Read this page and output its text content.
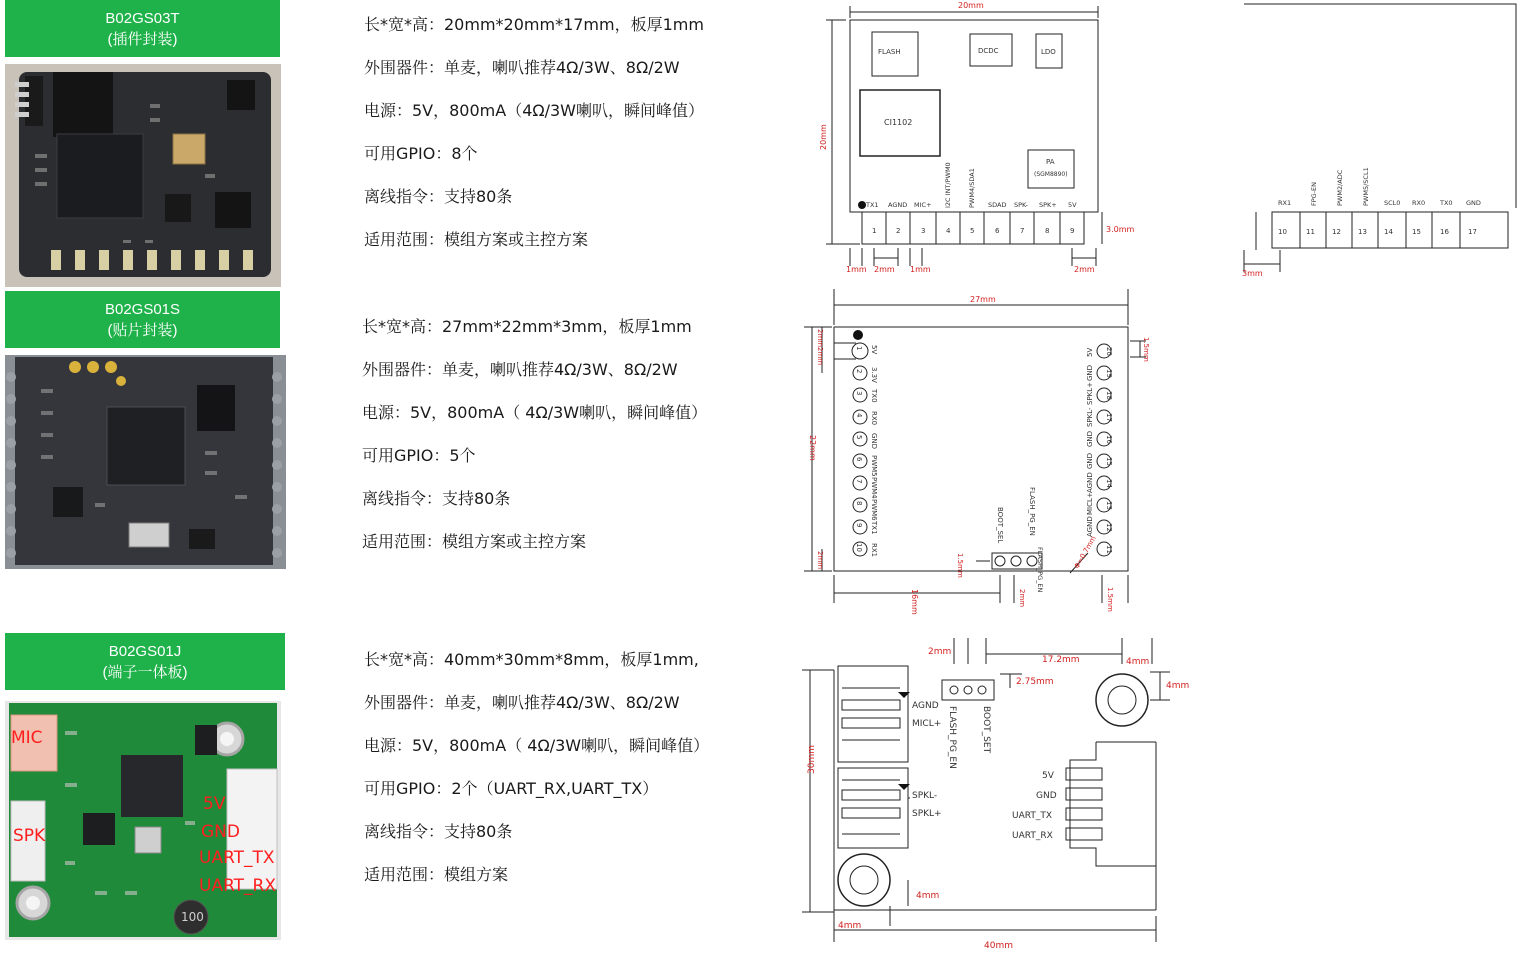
B02GS03T
(插件封装)
B02GS01S
(贴片封装)
B02GS01J
(端子一体板)
100
MIC
SPK
5V
GND
UART_TX
UART_RX

长*宽*高：20mm*20mm*17mm，板厚1mm

外围器件：单麦，喇叭推荐4Ω/3W、8Ω/2W

电源：5V，800mA（4Ω/3W喇叭，瞬间峰值）

可用GPIO：8个

离线指令：支持80条

适用范围：模组方案或主控方案

长*宽*高：27mm*22mm*3mm，板厚1mm

外围器件：单麦，喇叭推荐4Ω/3W、8Ω/2W

电源：5V，800mA（ 4Ω/3W喇叭，瞬间峰值）

可用GPIO：5个

离线指令：支持80条

适用范围：模组方案或主控方案

长*宽*高：40mm*30mm*8mm，板厚1mm,

外围器件：单麦，喇叭推荐4Ω/3W、8Ω/2W

电源：5V，800mA（ 4Ω/3W喇叭，瞬间峰值）

可用GPIO：2个（UART_RX,UART_TX）

离线指令：支持80条

适用范围：模组方案

FLASH	DCDC	LDO
CI1102
PA
(SGM8890)
TX1 AGND MIC+ I2C INT/PWM0 PWM4/SDA1 SDAD SPK- SPK+ 5V
1	2	3	4	5	6	7	8	9
20mm
20mm
3.0mm
1mm 2mm 1mm	2mm	3mm
RX1	FPG-EN	PWM2/ADC	PWM5/SCL1 SCL0 RX0 TX0 GND
10	11 12 13 14	15	16	17
5V
3.3V
TX0
RX0
GND
PWM5
PWM4
PWM6
TX1
RX1
1
2
3
4
5
6
7
8
9
10
5V
GND
SPKL+
SPKL-
GND
GND
AGND
MICL+
AGND
FLASH_PG_EN
20
19
18
17
16
15
14
13
12
11
BOOT_SEL	FLASH_PG_EN
27mm
22mm
2mm
2mm	1.5mm
1.5mm
16mm	2mm
Φ=0.7mm
1.5mm
2mm
AGND
MICL+
SPKL-
SPKL+
5V
GND
UART_TX
UART_RX
FLASH_PG_EN	BOOT_SET
2mm
17.2mm	4mm
2.75mm	4mm
4mm
4mm
40mm
30mm
